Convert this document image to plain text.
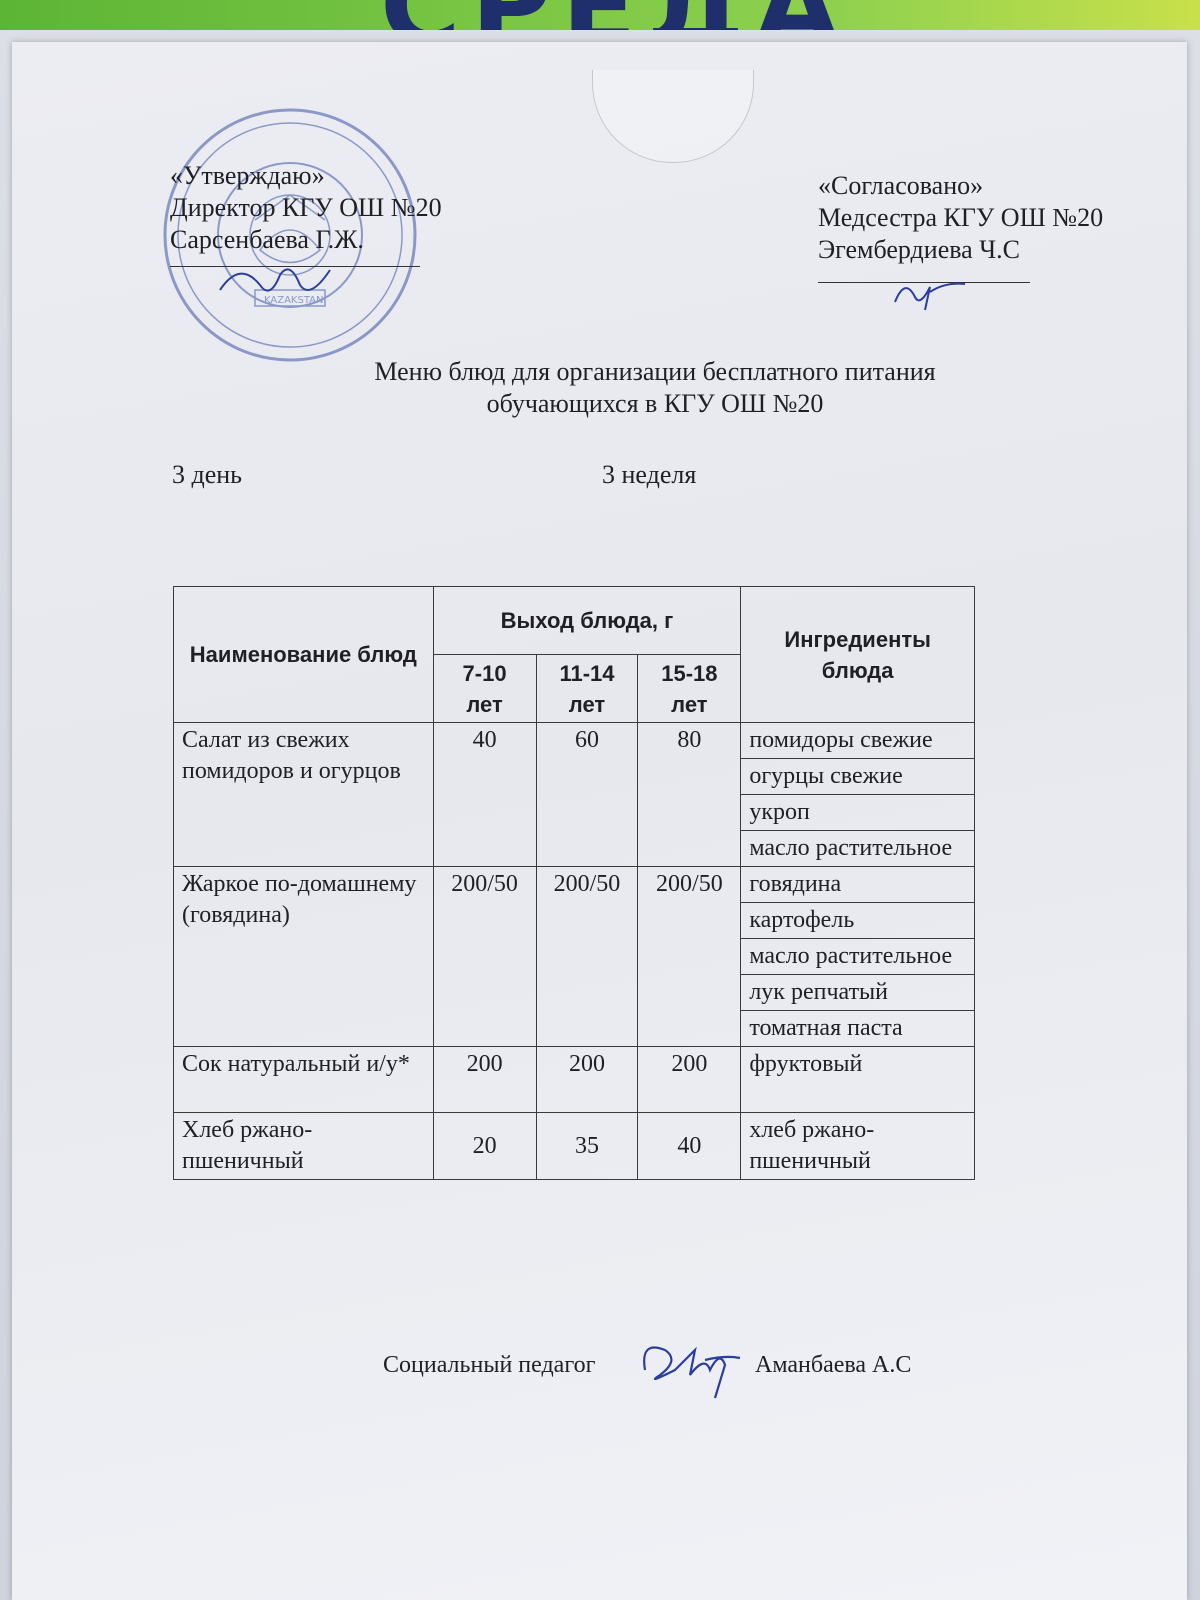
KAZAKSTAN
«Утверждаю»
Директор КГУ ОШ №20
Сарсенбаева Г.Ж.
«Согласовано»
Медсестра КГУ ОШ №20
Эгембердиева Ч.С
Меню блюд для организации бесплатного питания
обучающихся в КГУ ОШ №20
3 день	3 неделя
Наименование блюд	Выход блюда, г			Ингредиенты блюда
	7-10 лет	11-14 лет	15-18 лет	
Салат из свежих помидоров и огурцов	40	60	80	помидоры свежие
				огурцы свежие
				укроп
				масло растительное
Жаркое по-домашнему (говядина)	200/50	200/50	200/50	говядина
				картофель
				масло растительное
				лук репчатый
				томатная паста
Сок натуральный и/у*	200	200	200	фруктовый
Хлеб ржано-пшеничный	20	35	40	хлеб ржано-пшеничный
Социальный педагог	Аманбаева А.С
